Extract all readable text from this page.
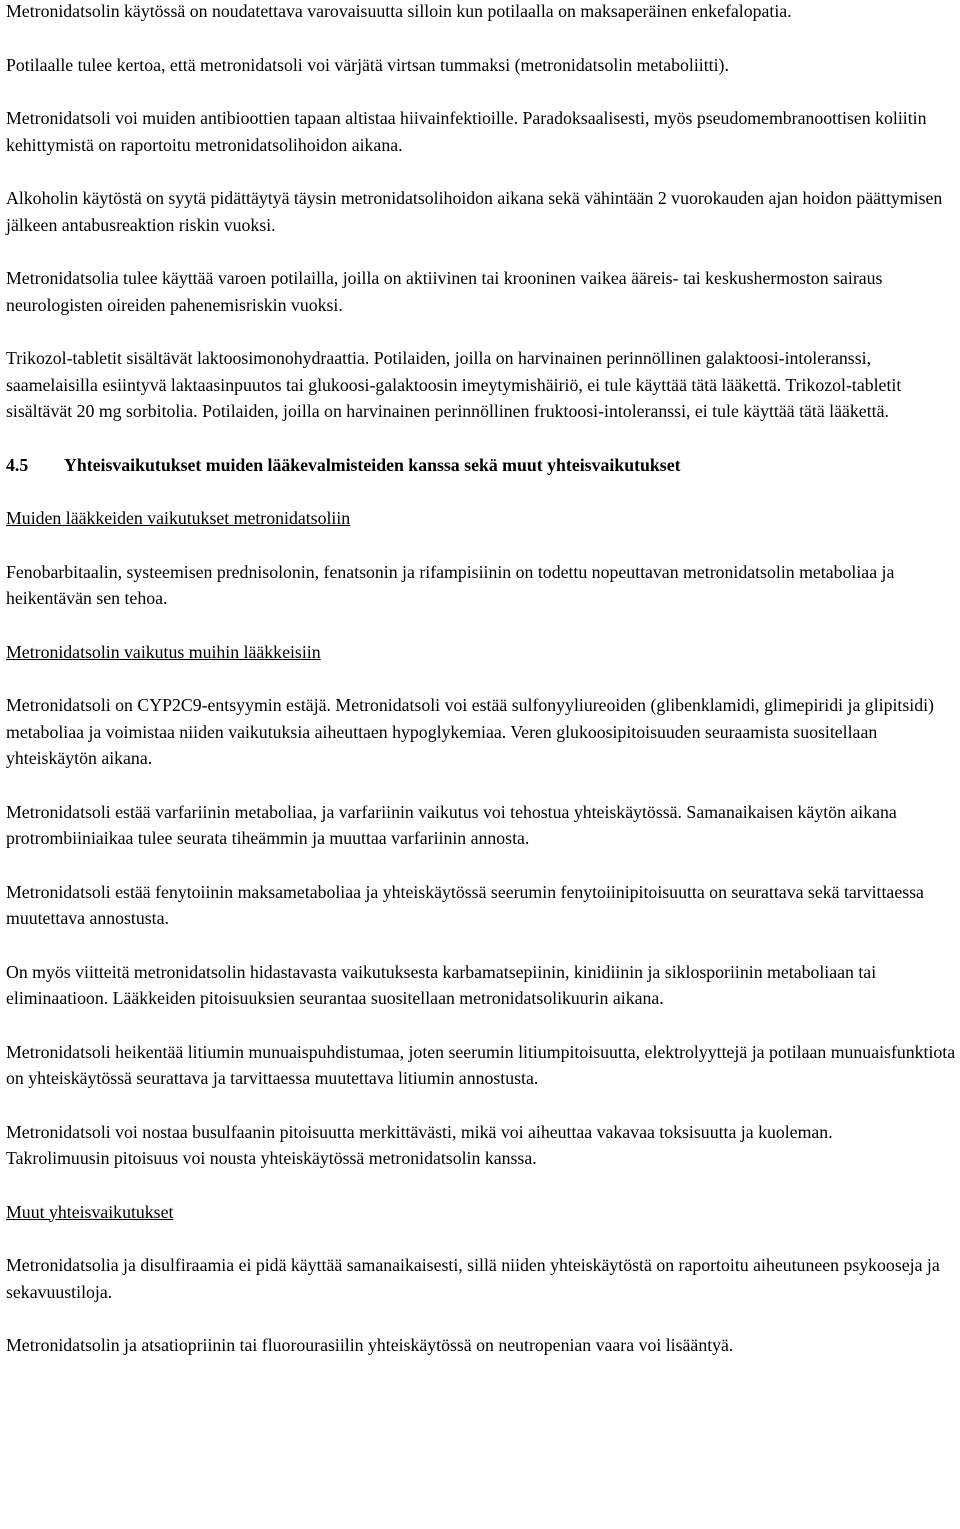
Metronidatsolin käytössä on noudatettava varovaisuutta silloin kun potilaalla on maksaperäinen enkefalopatia.

Potilaalle tulee kertoa, että metronidatsoli voi värjätä virtsan tummaksi (metronidatsolin metaboliitti).

Metronidatsoli voi muiden antibioottien tapaan altistaa hiivainfektioille. Paradoksaalisesti, myös pseudomembranoottisen koliitin kehittymistä on raportoitu metronidatsolihoidon aikana.

Alkoholin käytöstä on syytä pidättäytyä täysin metronidatsolihoidon aikana sekä vähintään 2 vuorokauden ajan hoidon päättymisen jälkeen antabusreaktion riskin vuoksi.

Metronidatsolia tulee käyttää varoen potilailla, joilla on aktiivinen tai krooninen vaikea ääreis- tai keskushermoston sairaus neurologisten oireiden pahenemisriskin vuoksi.

Trikozol-tabletit sisältävät laktoosimonohydraattia. Potilaiden, joilla on harvinainen perinnöllinen galaktoosi-intoleranssi, saamelaisilla esiintyvä laktaasinpuutos tai glukoosi-galaktoosin imeytymishäiriö, ei tule käyttää tätä lääkettä. Trikozol-tabletit sisältävät 20 mg sorbitolia. Potilaiden, joilla on harvinainen perinnöllinen fruktoosi-intoleranssi, ei tule käyttää tätä lääkettä.

4.5 Yhteisvaikutukset muiden lääkevalmisteiden kanssa sekä muut yhteisvaikutukset
Muiden lääkkeiden vaikutukset metronidatsoliin

Fenobarbitaalin, systeemisen prednisolonin, fenatsonin ja rifampisiinin on todettu nopeuttavan metronidatsolin metaboliaa ja heikentävän sen tehoa.

Metronidatsolin vaikutus muihin lääkkeisiin

Metronidatsoli on CYP2C9-entsyymin estäjä. Metronidatsoli voi estää sulfonyyliureoiden (glibenklamidi, glimepiridi ja glipitsidi) metaboliaa ja voimistaa niiden vaikutuksia aiheuttaen hypoglykemiaa. Veren glukoosipitoisuuden seuraamista suositellaan yhteiskäytön aikana.

Metronidatsoli estää varfariinin metaboliaa, ja varfariinin vaikutus voi tehostua yhteiskäytössä. Samanaikaisen käytön aikana protrombiiniaikaa tulee seurata tiheämmin ja muuttaa varfariinin annosta.

Metronidatsoli estää fenytoiinin maksametaboliaa ja yhteiskäytössä seerumin fenytoiinipitoisuutta on seurattava sekä tarvittaessa muutettava annostusta.

On myös viitteitä metronidatsolin hidastavasta vaikutuksesta karbamatsepiinin, kinidiinin ja siklosporiinin metaboliaan tai eliminaatioon. Lääkkeiden pitoisuuksien seurantaa suositellaan metronidatsolikuurin aikana.

Metronidatsoli heikentää litiumin munuaispuhdistumaa, joten seerumin litiumpitoisuutta, elektrolyyttejä ja potilaan munuaisfunktiota on yhteiskäytössä seurattava ja tarvittaessa muutettava litiumin annostusta.

Metronidatsoli voi nostaa busulfaanin pitoisuutta merkittävästi, mikä voi aiheuttaa vakavaa toksisuutta ja kuoleman.

Takrolimuusin pitoisuus voi nousta yhteiskäytössä metronidatsolin kanssa.

Muut yhteisvaikutukset

Metronidatsolia ja disulfiraamia ei pidä käyttää samanaikaisesti, sillä niiden yhteiskäytöstä on raportoitu aiheutuneen psykooseja ja sekavuustiloja.

Metronidatsolin ja atsatiopriinin tai fluorourasiilin yhteiskäytössä on neutropenian vaara voi lisääntyä.
